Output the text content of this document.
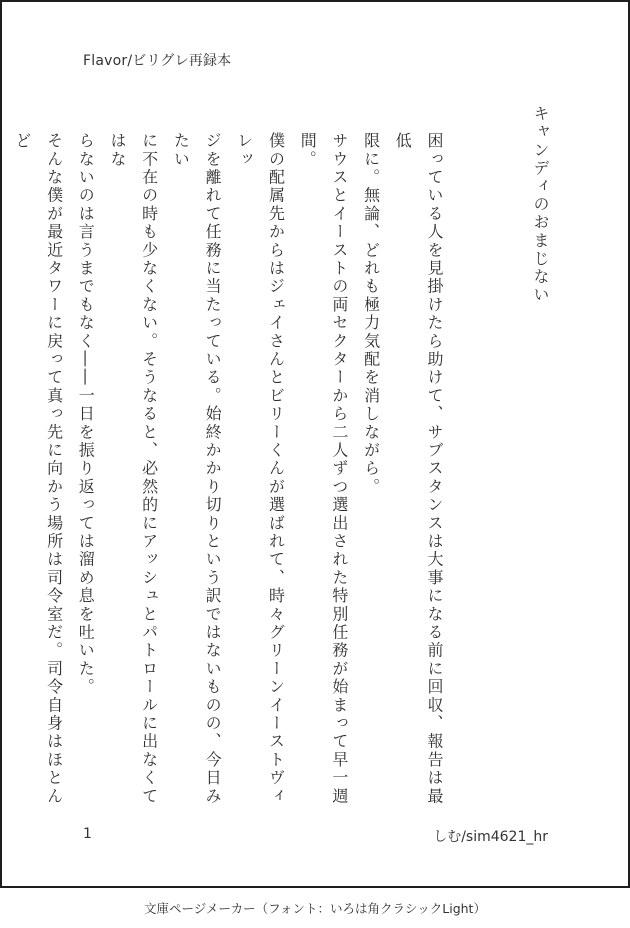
Flavor/ビリグレ再録本
キャンディのおまじない

困っている人を見掛けたら助けて、サブスタンスは大事になる前に回収、報告は最低

限に。無論、どれも極力気配を消しながら。

サウスとイーストの両セクターから二人ずつ選出された特別任務が始まって早一週間。

僕の配属先からはジェイさんとビリーくんが選ばれて、時々グリーンイーストヴィレッ

ジを離れて任務に当たっている。始終かかり切りという訳ではないものの、今日みたい

に不在の時も少なくない。そうなると、必然的にアッシュとパトロールに出なくてはな

らないのは言うまでもなく――一日を振り返っては溜め息を吐いた。

そんな僕が最近タワーに戻って真っ先に向かう場所は司令室だ。司令自身はほとんど

1	しむ/sim4621_hr
文庫ページメーカー（フォント：いろは角クラシックLight）
